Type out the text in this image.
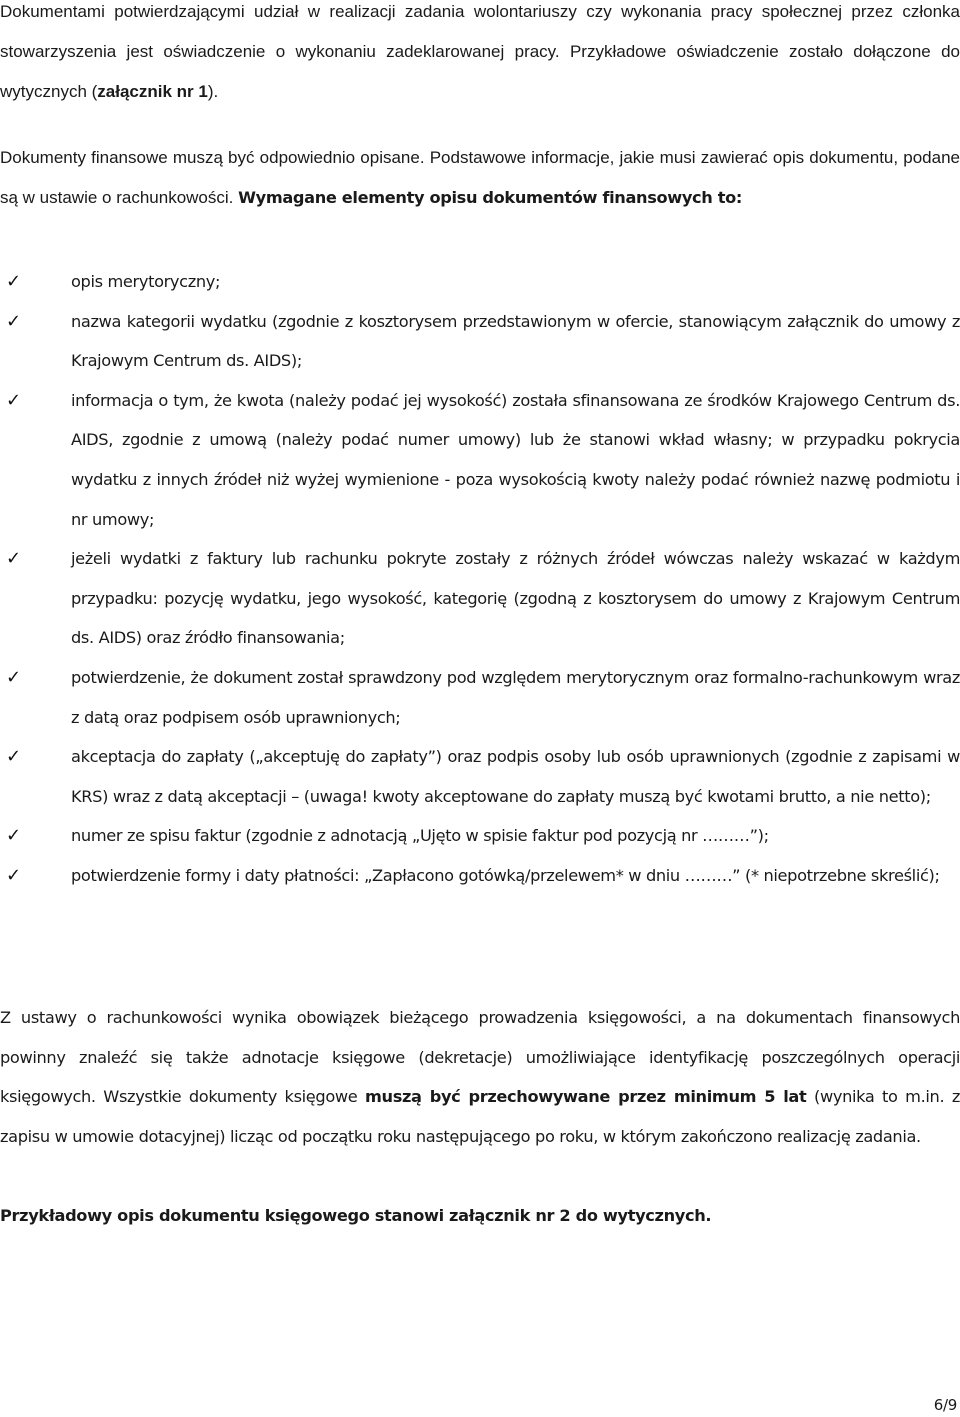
Dokumentami potwierdzającymi udział w realizacji zadania wolontariuszy czy wykonania pracy społecznej przez członka stowarzyszenia jest oświadczenie o wykonaniu zadeklarowanej pracy. Przykładowe oświadczenie zostało dołączone do wytycznych (załącznik nr 1).

Dokumenty finansowe muszą być odpowiednio opisane. Podstawowe informacje, jakie musi zawierać opis dokumentu, podane są w ustawie o rachunkowości. Wymagane elementy opisu dokumentów finansowych to:

✓	opis merytoryczny;
✓	nazwa kategorii wydatku (zgodnie z kosztorysem przedstawionym w ofercie, stanowiącym załącznik do umowy z Krajowym Centrum ds. AIDS);
✓	informacja o tym, że kwota (należy podać jej wysokość) została sfinansowana ze środków Krajowego Centrum ds. AIDS, zgodnie z umową (należy podać numer umowy) lub że stanowi wkład własny; w przypadku pokrycia wydatku z innych źródeł niż wyżej wymienione - poza wysokością kwoty należy podać również nazwę podmiotu i nr umowy;
✓	jeżeli wydatki z faktury lub rachunku pokryte zostały z różnych źródeł wówczas należy wskazać w każdym przypadku: pozycję wydatku, jego wysokość, kategorię (zgodną z kosztorysem do umowy z Krajowym Centrum ds. AIDS) oraz źródło finansowania;
✓	potwierdzenie, że dokument został sprawdzony pod względem merytorycznym oraz formalno-rachunkowym wraz z datą oraz podpisem osób uprawnionych;
✓	akceptacja do zapłaty („akceptuję do zapłaty”) oraz podpis osoby lub osób uprawnionych (zgodnie z zapisami w KRS) wraz z datą akceptacji – (uwaga! kwoty akceptowane do zapłaty muszą być kwotami brutto, a nie netto);
✓	numer ze spisu faktur (zgodnie z adnotacją „Ujęto w spisie faktur pod pozycją nr ………”);
✓	potwierdzenie formy i daty płatności: „Zapłacono gotówką/przelewem* w dniu ………” (* niepotrzebne skreślić);

Z ustawy o rachunkowości wynika obowiązek bieżącego prowadzenia księgowości, a na dokumentach finansowych powinny znaleźć się także adnotacje księgowe (dekretacje) umożliwiające identyfikację poszczególnych operacji księgowych. Wszystkie dokumenty księgowe muszą być przechowywane przez minimum 5 lat (wynika to m.in. z zapisu w umowie dotacyjnej) licząc od początku roku następującego po roku, w którym zakończono realizację zadania.

Przykładowy opis dokumentu księgowego stanowi załącznik nr 2 do wytycznych.

6/9
